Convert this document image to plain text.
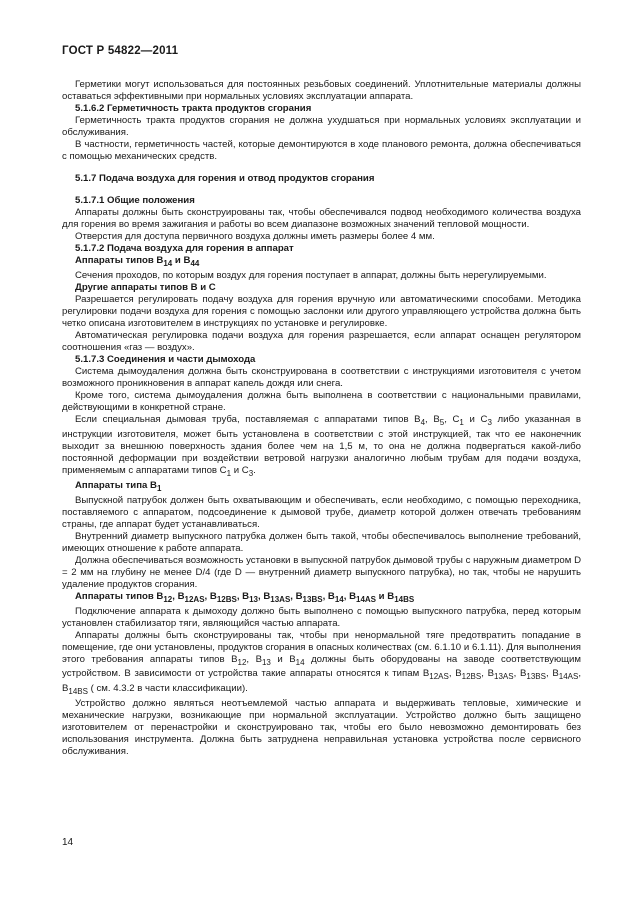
ГОСТ Р 54822—2011

Герметики могут использоваться для постоянных резьбовых соединений. Уплотнительные материалы должны оставаться эффективными при нормальных условиях эксплуатации аппарата.

5.1.6.2 Герметичность тракта продуктов сгорания

Герметичность тракта продуктов сгорания не должна ухудшаться при нормальных условиях эксплуатации и обслуживания.

В частности, герметичность частей, которые демонтируются в ходе планового ремонта, должна обеспечиваться с помощью механических средств.

5.1.7 Подача воздуха для горения и отвод продуктов сгорания

5.1.7.1 Общие положения

Аппараты должны быть сконструированы так, чтобы обеспечивался подвод необходимого количества воздуха для горения во время зажигания и работы во всем диапазоне возможных значений тепловой мощности.

Отверстия для доступа первичного воздуха должны иметь размеры более 4 мм.

5.1.7.2 Подача воздуха для горения в аппарат

Аппараты типов $B_{14}$ и $B_{44}$

Сечения проходов, по которым воздух для горения поступает в аппарат, должны быть нерегулируемыми.

Другие аппараты типов B и C

Разрешается регулировать подачу воздуха для горения вручную или автоматическими способами. Методика регулировки подачи воздуха для горения с помощью заслонки или другого управляющего устройства должна быть четко описана изготовителем в инструкциях по установке и регулировке.

Автоматическая регулировка подачи воздуха для горения разрешается, если аппарат оснащен регулятором соотношения «газ — воздух».

5.1.7.3 Соединения и части дымохода

Система дымоудаления должна быть сконструирована в соответствии с инструкциями изготовителя с учетом возможного проникновения в аппарат капель дождя или снега.

Кроме того, система дымоудаления должна быть выполнена в соответствии с национальными правилами, действующими в конкретной стране.

Если специальная дымовая труба, поставляемая с аппаратами типов $B_4$, $B_5$, $C_1$ и $C_3$ либо указанная в инструкции изготовителя, может быть установлена в соответствии с этой инструкцией, так что ее наконечник выходит за внешнюю поверхность здания более чем на 1,5 м, то она не должна подвергаться какой-либо постоянной деформации при воздействии ветровой нагрузки аналогично любым трубам для подачи воздуха, применяемым с аппаратами типов $C_1$ и $C_3$.

Аппараты типа $B_1$

Выпускной патрубок должен быть охватывающим и обеспечивать, если необходимо, с помощью переходника, поставляемого с аппаратом, подсоединение к дымовой трубе, диаметр которой должен отвечать требованиям страны, где аппарат будет устанавливаться.

Внутренний диаметр выпускного патрубка должен быть такой, чтобы обеспечивалось выполнение требований, имеющих отношение к работе аппарата.

Должна обеспечиваться возможность установки в выпускной патрубок дымовой трубы с наружным диаметром D = 2 мм на глубину не менее D/4 (где D — внутренний диаметр выпускного патрубка), но так, чтобы не нарушить удаление продуктов сгорания.

Аппараты типов $B_{12}$, $B_{12AS}$, $B_{12BS}$, $B_{13}$, $B_{13AS}$, $B_{13BS}$, $B_{14}$, $B_{14AS}$ и $B_{14BS}$

Подключение аппарата к дымоходу должно быть выполнено с помощью выпускного патрубка, перед которым установлен стабилизатор тяги, являющийся частью аппарата.

Аппараты должны быть сконструированы так, чтобы при ненормальной тяге предотвратить попадание в помещение, где они установлены, продуктов сгорания в опасных количествах (см. 6.1.10 и 6.1.11). Для выполнения этого требования аппараты типов $B_{12}$, $B_{13}$ и $B_{14}$ должны быть оборудованы на заводе соответствующим устройством. В зависимости от устройства такие аппараты относятся к типам $B_{12AS}$, $B_{12BS}$, $B_{13AS}$, $B_{13BS}$, $B_{14AS}$, $B_{14BS}$ ( см. 4.3.2 в части классификации).

Устройство должно являться неотъемлемой частью аппарата и выдерживать тепловые, химические и механические нагрузки, возникающие при нормальной эксплуатации. Устройство должно быть защищено изготовителем от перенастройки и сконструировано так, чтобы его было невозможно демонтировать без использования инструмента. Должна быть затруднена неправильная установка устройства после сервисного обслуживания.

14
